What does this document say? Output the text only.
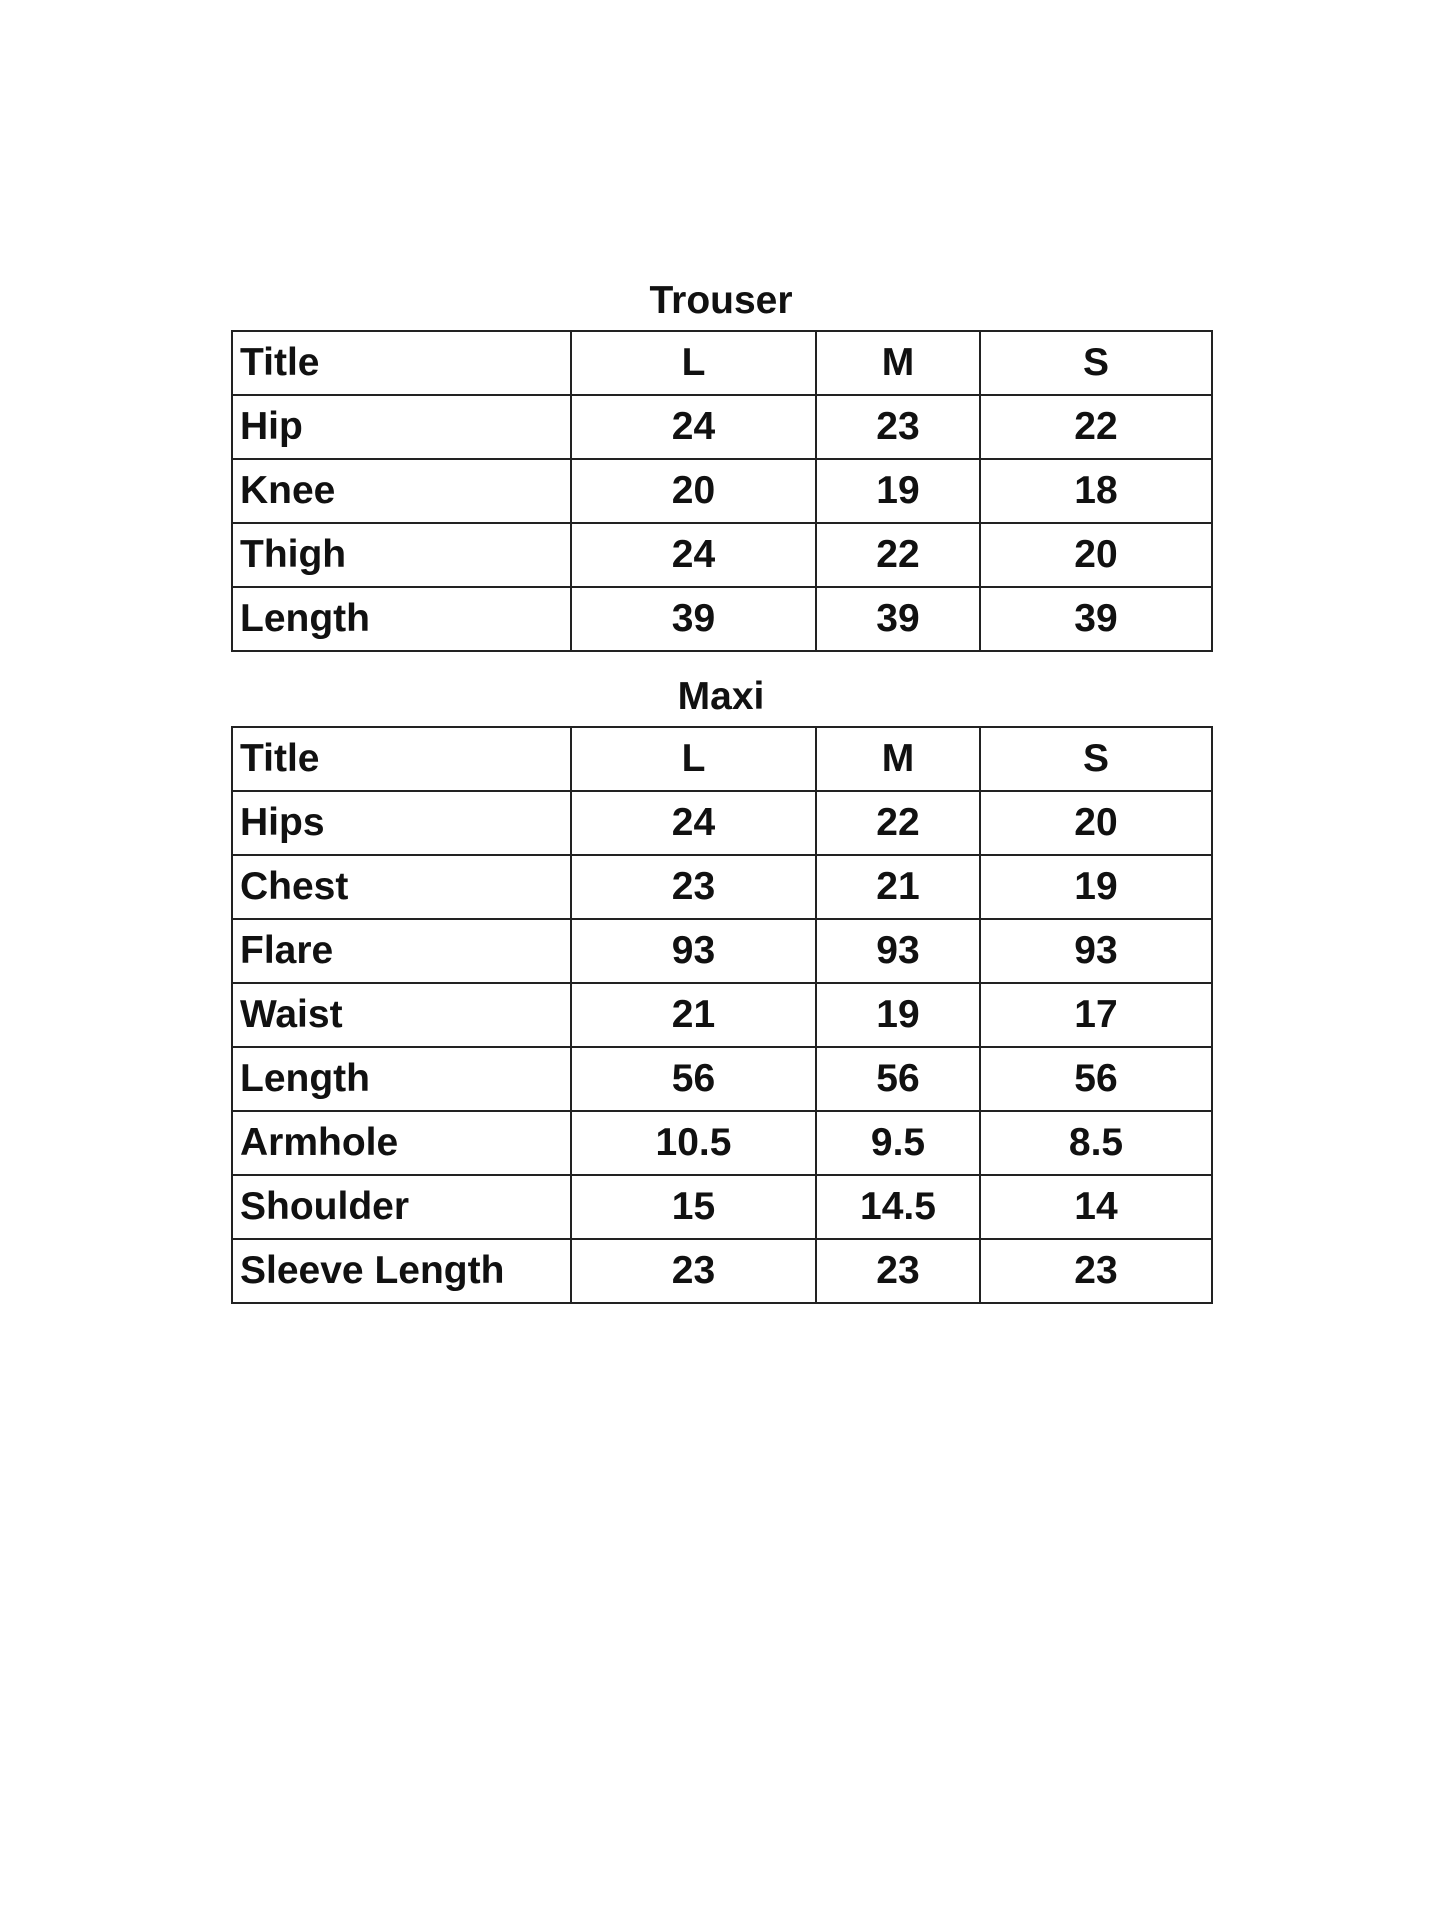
Trouser
Title	L	M	S
Hip	24	23	22
Knee	20	19	18
Thigh	24	22	20
Length	39	39	39
Maxi
Title	L	M	S
Hips	24	22	20
Chest	23	21	19
Flare	93	93	93
Waist	21	19	17
Length	56	56	56
Armhole	10.5	9.5	8.5
Shoulder	15	14.5	14
Sleeve Length	23	23	23
